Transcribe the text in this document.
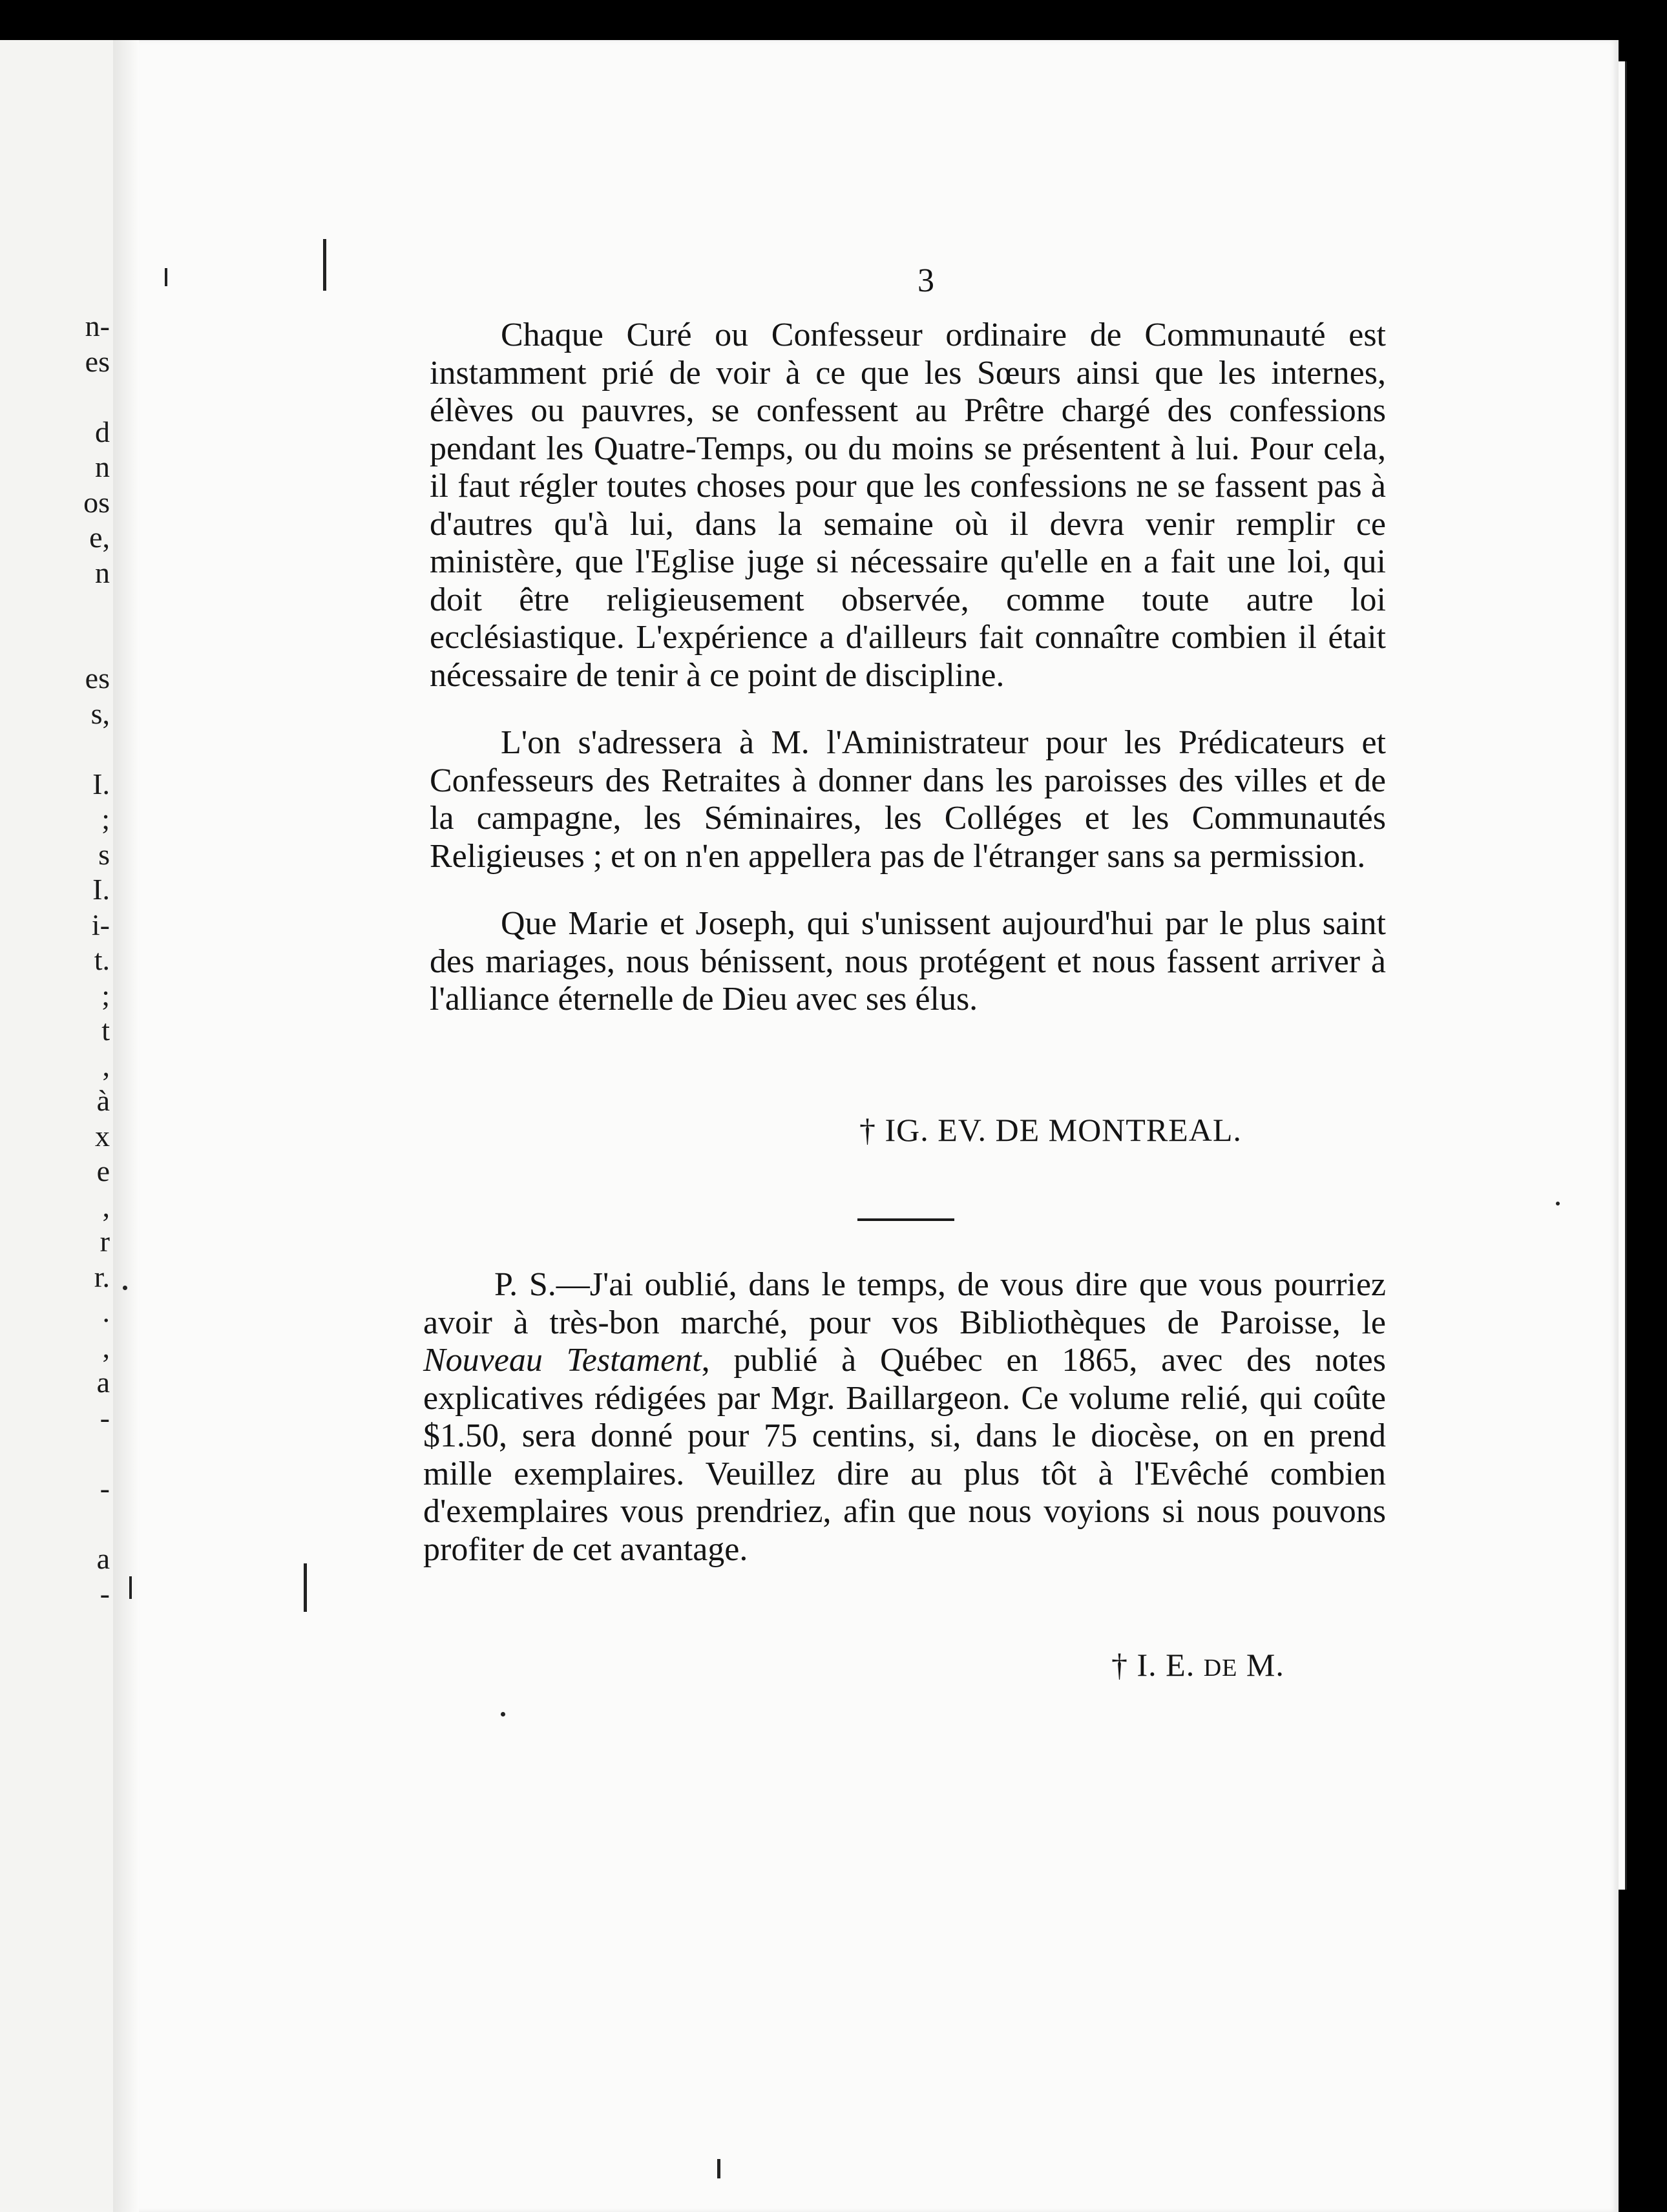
n-
es
d
n
os
e,
n
es
s,
I.
;
s
I.
i-
t.
;
t
,
à
x
e
,
r
r.
.
,
a
-
-
a
-
3

Chaque Curé ou Confesseur ordinaire de Communauté est instamment prié de voir à ce que les Sœurs ainsi que les internes, élèves ou pauvres, se confessent au Prêtre chargé des confessions pendant les Quatre-Temps, ou du moins se présentent à lui. Pour cela, il faut régler toutes choses pour que les confessions ne se fassent pas à d'autres qu'à lui, dans la semaine où il devra venir remplir ce ministère, que l'Eglise juge si nécessaire qu'elle en a fait une loi, qui doit être religieusement observée, comme toute autre loi ecclésiastique. L'expérience a d'ailleurs fait connaître combien il était nécessaire de tenir à ce point de discipline.

L'on s'adressera à M. l'Aministrateur pour les Prédicateurs et Confesseurs des Retraites à donner dans les paroisses des villes et de la campagne, les Séminaires, les Colléges et les Communautés Religieuses ; et on n'en appellera pas de l'étranger sans sa permission.

Que Marie et Joseph, qui s'unissent aujourd'hui par le plus saint des mariages, nous bénissent, nous protégent et nous fassent arriver à l'alliance éternelle de Dieu avec ses élus.

† IG. EV. DE MONTREAL.

P. S.—J'ai oublié, dans le temps, de vous dire que vous pourriez avoir à très-bon marché, pour vos Bibliothèques de Paroisse, le Nouveau Testament, publié à Québec en 1865, avec des notes explicatives rédigées par Mgr. Baillargeon. Ce volume relié, qui coûte $1.50, sera donné pour 75 centins, si, dans le diocèse, on en prend mille exemplaires. Veuillez dire au plus tôt à l'Evêché combien d'exemplaires vous prendriez, afin que nous voyions si nous pouvons profiter de cet avantage.

† I. E. DE M.
